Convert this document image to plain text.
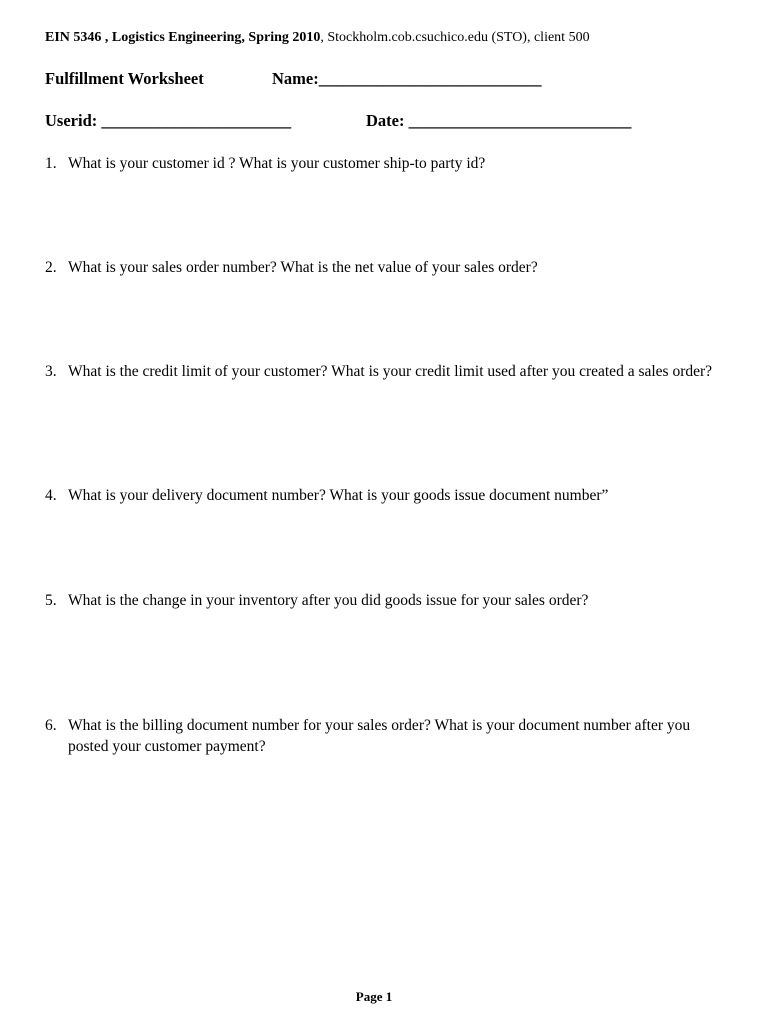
EIN 5346 , Logistics Engineering, Spring 2010, Stockholm.cob.csuchico.edu (STO), client 500
Fulfillment Worksheet	Name:___________________________
Userid: _______________________	Date: ___________________________
1. What is your customer id ? What is your customer ship-to party id?
2. What is your sales order number? What is the net value of your sales order?
3. What is the credit limit of your customer? What is your credit limit used after you created a sales order?
4. What is your delivery document number? What is your goods issue document number”
5. What is the change in your inventory after you did goods issue for your sales order?
6. What is the billing document number for your sales order? What is your document number after you posted your customer payment?
Page 1
